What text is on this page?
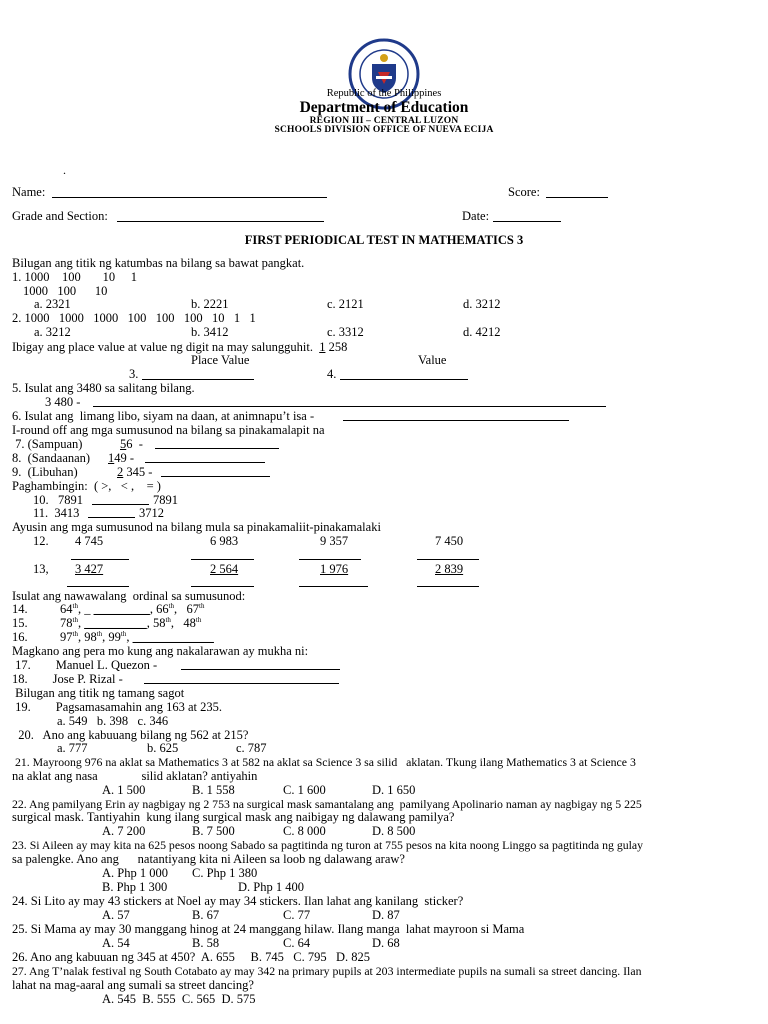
Republic of the Philippines
Department of Education
REGION III – CENTRAL LUZON
SCHOOLS DIVISION OFFICE OF NUEVA ECIJA
.
Name:	Score:
Grade and Section:	Date:
FIRST PERIODICAL TEST IN MATHEMATICS 3
Bilugan ang titik ng katumbas na bilang sa bawat pangkat.
1. 1000    100       10     1
1000   100      10
a. 2321	b. 2221	c. 2121	d. 3212
2. 1000   1000   1000   100   100   100   10   1   1
a. 3212	b. 3412	c. 3312	d. 4212
Ibigay ang place value at value ng digit na may salungguhit.  1 258
Place Value	Value
3.	4.
5. Isulat ang 3480 sa salitang bilang.
3 480 -
6. Isulat ang  limang libo, siyam na daan, at animnapu’t isa -
I-round off ang mga sumusunod na bilang sa pinakamalapit na
7. (Sampuan)	56  -
8.  (Sandaanan) 149 -
9.  (Libuhan)	2 345 -
Paghambingin:  ( >,   < ,    = )
10.   7891	7891
11.  3413	3712
Ayusin ang mga sumusunod na bilang mula sa pinakamaliit-pinakamalaki
12. 4 745	6 983	9 357	7 450
13, 3 427	2 564	1 976	2 839
Isulat ang nawawalang  ordinal sa sumusunod:
14.	64th, _ _________, 66th,   67th
15.	78th, __________, 58th,   48th
16.	97th, 98th, 99th, _____________
Magkano ang pera mo kung ang nakalarawan ay mukha ni:
17.        Manuel L. Quezon -
18.        Jose P. Rizal -
Bilugan ang titik ng tamang sagot
19.        Pagsamasamahin ang 163 at 235.
a. 549   b. 398   c. 346
20.   Ano ang kabuuang bilang ng 562 at 215?
a. 777	b. 625	c. 787
21. Mayroong 976 na aklat sa Mathematics 3 at 582 na aklat sa Science 3 sa silid   aklatan. Tkung ilang Mathematics 3 at Science 3
na aklat ang nasa              silid aklatan? antiyahin
A. 1 500	B. 1 558	C. 1 600	D. 1 650
22. Ang pamilyang Erin ay nagbigay ng 2 753 na surgical mask samantalang ang  pamilyang Apolinario naman ay nagbigay ng 5 225
surgical mask. Tantiyahin  kung ilang surgical mask ang naibigay ng dalawang pamilya?
A. 7 200	B. 7 500	C. 8 000	D. 8 500
23. Si Aileen ay may kita na 625 pesos noong Sabado sa pagtitinda ng turon at 755 pesos na kita noong Linggo sa pagtitinda ng gulay
sa palengke. Ano ang      natantiyang kita ni Aileen sa loob ng dalawang araw?
A. Php 1 000 C. Php 1 380
B. Php 1 300	D. Php 1 400
24. Si Lito ay may 43 stickers at Noel ay may 34 stickers. Ilan lahat ang kanilang  sticker?
A. 57	B. 67	C. 77	D. 87
25. Si Mama ay may 30 manggang hinog at 24 manggang hilaw. Ilang manga  lahat mayroon si Mama
A. 54	B. 58	C. 64	D. 68
26. Ano ang kabuuan ng 345 at 450?  A. 655     B. 745   C. 795   D. 825
27. Ang T’nalak festival ng South Cotabato ay may 342 na primary pupils at 203 intermediate pupils na sumali sa street dancing. Ilan
lahat na mag-aaral ang sumali sa street dancing?
A. 545  B. 555  C. 565  D. 575
